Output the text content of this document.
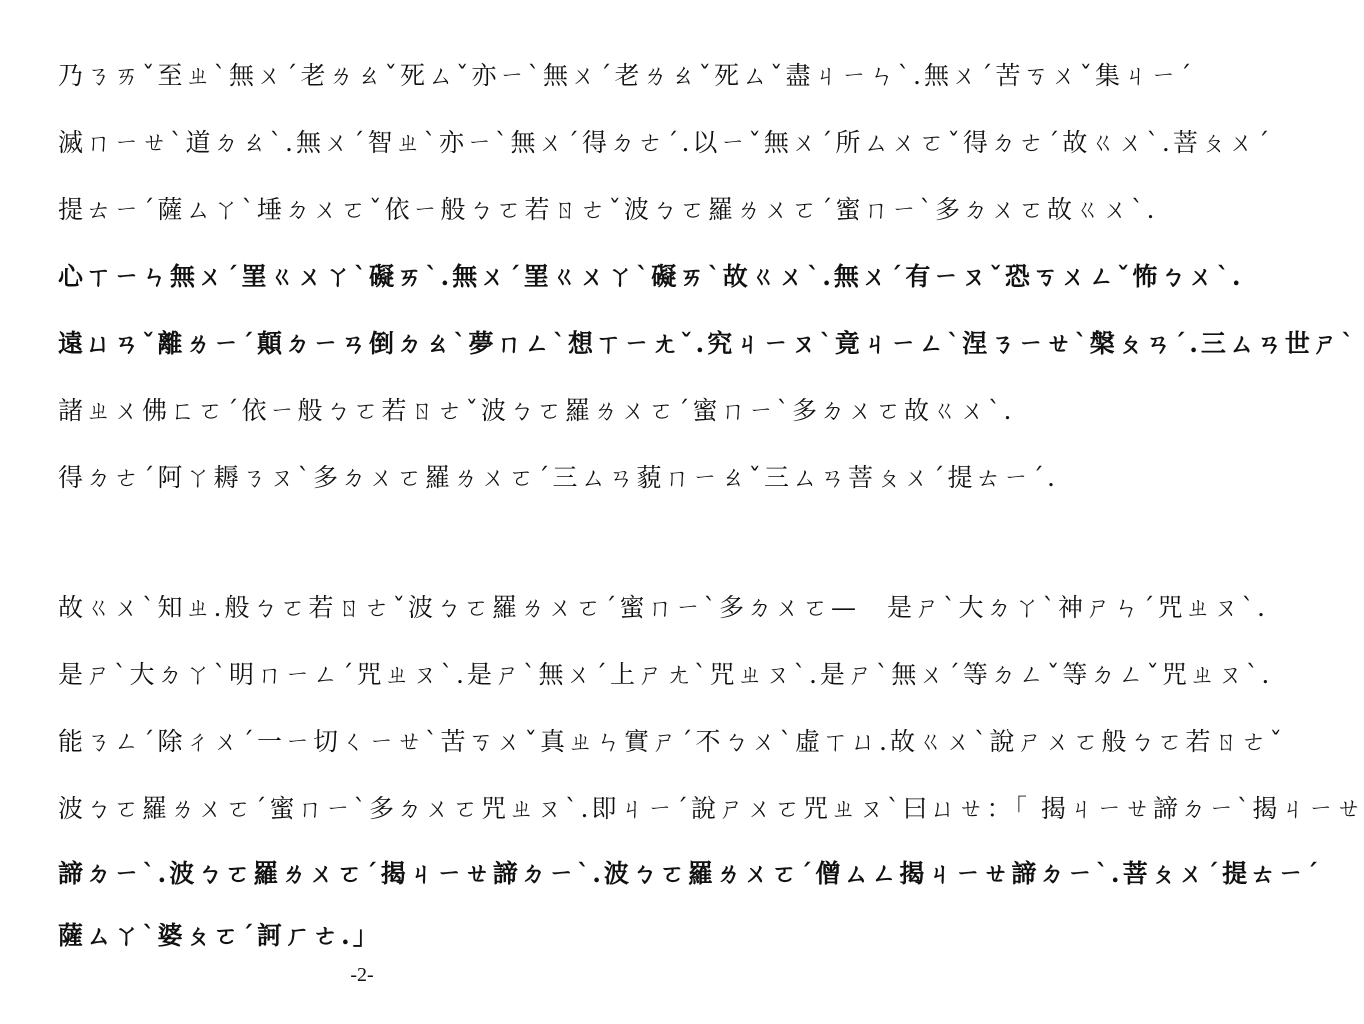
乃ㄋㄞˇ至ㄓˋ無ㄨˊ老ㄌㄠˇ死ㄙˇ亦ㄧˋ無ㄨˊ老ㄌㄠˇ死ㄙˇ盡ㄐㄧㄣˋ.無ㄨˊ苦ㄎㄨˇ集ㄐㄧˊ
滅ㄇㄧㄝˋ道ㄉㄠˋ.無ㄨˊ智ㄓˋ亦ㄧˋ無ㄨˊ得ㄉㄜˊ.以ㄧˇ無ㄨˊ所ㄙㄨㄛˇ得ㄉㄜˊ故ㄍㄨˋ.菩ㄆㄨˊ
提ㄊㄧˊ薩ㄙㄚˋ埵ㄉㄨㄛˇ依ㄧ般ㄅㄛ若ㄖㄜˇ波ㄅㄛ羅ㄌㄨㄛˊ蜜ㄇㄧˋ多ㄉㄨㄛ故ㄍㄨˋ.
心ㄒㄧㄣ無ㄨˊ罣ㄍㄨㄚˋ礙ㄞˋ.無ㄨˊ罣ㄍㄨㄚˋ礙ㄞˋ故ㄍㄨˋ.無ㄨˊ有ㄧㄡˇ恐ㄎㄨㄥˇ怖ㄅㄨˋ.
遠ㄩㄢˇ離ㄌㄧˊ顛ㄉㄧㄢ倒ㄉㄠˋ夢ㄇㄥˋ想ㄒㄧㄤˇ.究ㄐㄧㄡˋ竟ㄐㄧㄥˋ涅ㄋㄧㄝˋ槃ㄆㄢˊ.三ㄙㄢ世ㄕˋ
諸ㄓㄨ佛ㄈㄛˊ依ㄧ般ㄅㄛ若ㄖㄜˇ波ㄅㄛ羅ㄌㄨㄛˊ蜜ㄇㄧˋ多ㄉㄨㄛ故ㄍㄨˋ.
得ㄉㄜˊ阿ㄚ耨ㄋㄡˋ多ㄉㄨㄛ羅ㄌㄨㄛˊ三ㄙㄢ藐ㄇㄧㄠˇ三ㄙㄢ菩ㄆㄨˊ提ㄊㄧˊ.
故ㄍㄨˋ知ㄓ.般ㄅㄛ若ㄖㄜˇ波ㄅㄛ羅ㄌㄨㄛˊ蜜ㄇㄧˋ多ㄉㄨㄛ—　是ㄕˋ大ㄉㄚˋ神ㄕㄣˊ咒ㄓㄡˋ.
是ㄕˋ大ㄉㄚˋ明ㄇㄧㄥˊ咒ㄓㄡˋ.是ㄕˋ無ㄨˊ上ㄕㄤˋ咒ㄓㄡˋ.是ㄕˋ無ㄨˊ等ㄉㄥˇ等ㄉㄥˇ咒ㄓㄡˋ.
能ㄋㄥˊ除ㄔㄨˊ一ㄧ切ㄑㄧㄝˋ苦ㄎㄨˇ真ㄓㄣ實ㄕˊ不ㄅㄨˋ虛ㄒㄩ.故ㄍㄨˋ說ㄕㄨㄛ般ㄅㄛ若ㄖㄜˇ
波ㄅㄛ羅ㄌㄨㄛˊ蜜ㄇㄧˋ多ㄉㄨㄛ咒ㄓㄡˋ.即ㄐㄧˊ說ㄕㄨㄛ咒ㄓㄡˋ曰ㄩㄝ：「 揭ㄐㄧㄝ諦ㄉㄧˋ揭ㄐㄧㄝ
諦ㄉㄧˋ.波ㄅㄛ羅ㄌㄨㄛˊ揭ㄐㄧㄝ諦ㄉㄧˋ.波ㄅㄛ羅ㄌㄨㄛˊ僧ㄙㄥ揭ㄐㄧㄝ諦ㄉㄧˋ.菩ㄆㄨˊ提ㄊㄧˊ
薩ㄙㄚˋ婆ㄆㄛˊ訶ㄏㄜ.」
-2-
